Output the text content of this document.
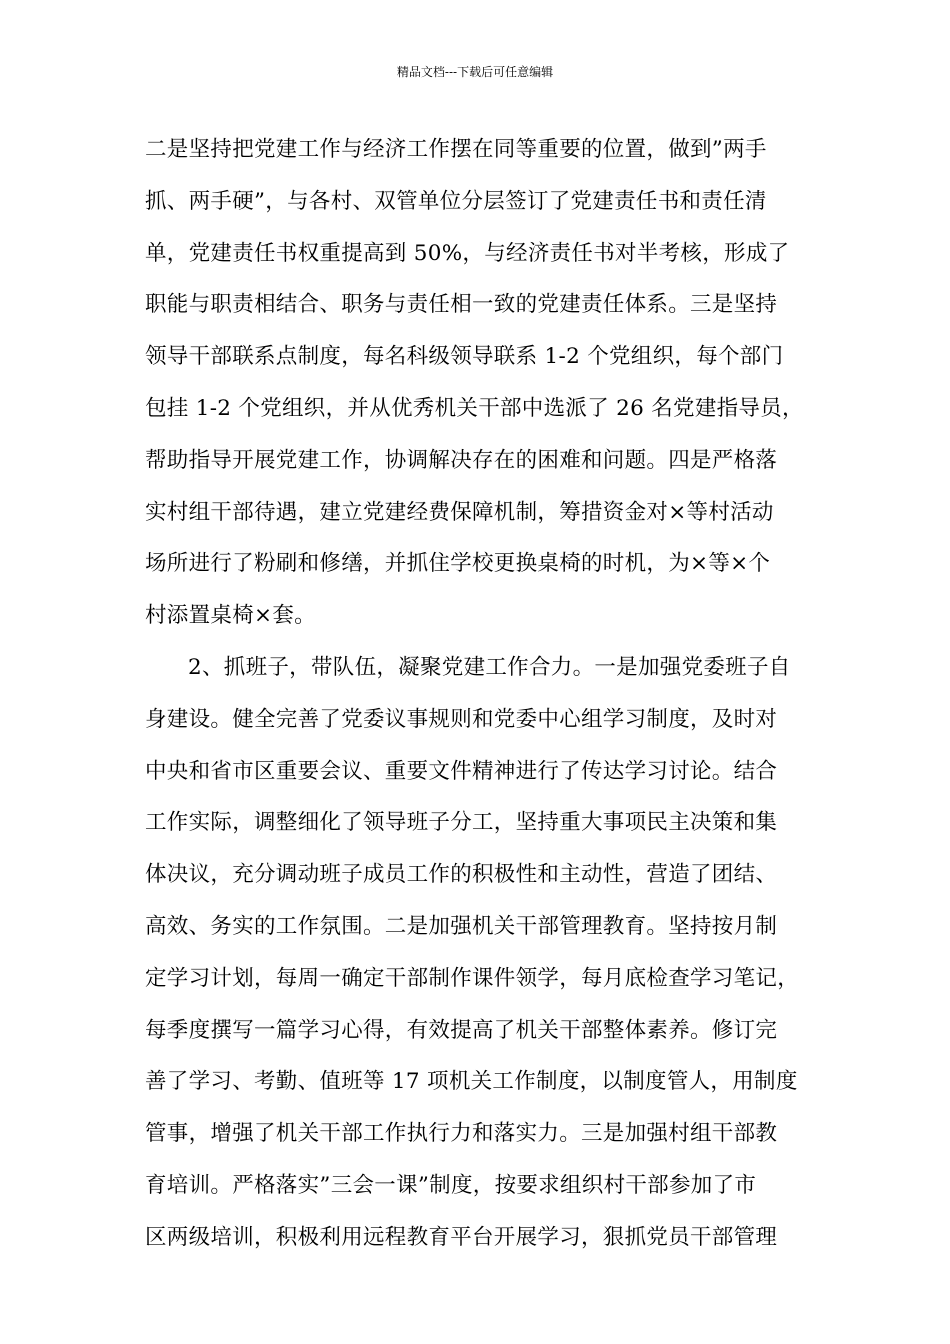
精品文档---下载后可任意编辑
二是坚持把党建工作与经济工作摆在同等重要的位置，做到”两手
抓、两手硬”，与各村、双管单位分层签订了党建责任书和责任清
单，党建责任书权重提高到 50%，与经济责任书对半考核，形成了
职能与职责相结合、职务与责任相一致的党建责任体系。三是坚持
领导干部联系点制度，每名科级领导联系 1-2 个党组织，每个部门
包挂 1-2 个党组织，并从优秀机关干部中选派了 26 名党建指导员，
帮助指导开展党建工作，协调解决存在的困难和问题。四是严格落
实村组干部待遇，建立党建经费保障机制，筹措资金对×等村活动
场所进行了粉刷和修缮，并抓住学校更换桌椅的时机，为×等×个
村添置桌椅×套。
2、抓班子，带队伍，凝聚党建工作合力。一是加强党委班子自
身建设。健全完善了党委议事规则和党委中心组学习制度，及时对
中央和省市区重要会议、重要文件精神进行了传达学习讨论。结合
工作实际，调整细化了领导班子分工，坚持重大事项民主决策和集
体决议，充分调动班子成员工作的积极性和主动性，营造了团结、
高效、务实的工作氛围。二是加强机关干部管理教育。坚持按月制
定学习计划，每周一确定干部制作课件领学，每月底检查学习笔记，
每季度撰写一篇学习心得，有效提高了机关干部整体素养。修订完
善了学习、考勤、值班等 17 项机关工作制度，以制度管人，用制度
管事，增强了机关干部工作执行力和落实力。三是加强村组干部教
育培训。严格落实”三会一课”制度，按要求组织村干部参加了市
区两级培训，积极利用远程教育平台开展学习，狠抓党员干部管理
